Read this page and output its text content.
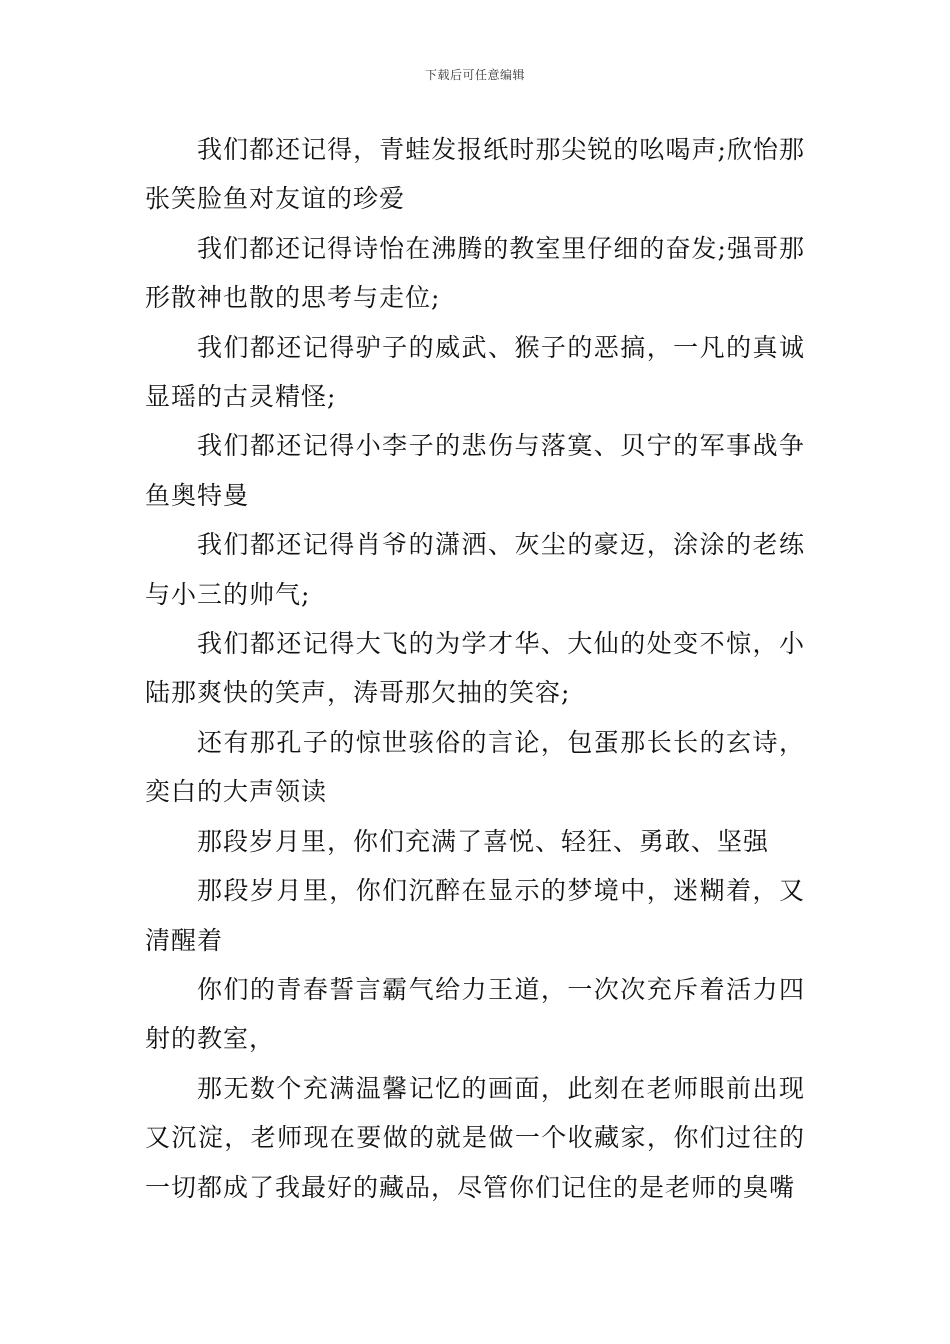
下载后可任意编辑

我们都还记得，青蛙发报纸时那尖锐的吆喝声;欣怡那张笑脸鱼对友谊的珍爱

我们都还记得诗怡在沸腾的教室里仔细的奋发;强哥那形散神也散的思考与走位;

我们都还记得驴子的威武、猴子的恶搞，一凡的真诚显瑶的古灵精怪;

我们都还记得小李子的悲伤与落寞、贝宁的军事战争鱼奥特曼

我们都还记得肖爷的潇洒、灰尘的豪迈，涂涂的老练与小三的帅气;

我们都还记得大飞的为学才华、大仙的处变不惊，小陆那爽快的笑声，涛哥那欠抽的笑容;

还有那孔子的惊世骇俗的言论，包蛋那长长的玄诗，奕白的大声领读

那段岁月里，你们充满了喜悦、轻狂、勇敢、坚强

那段岁月里，你们沉醉在显示的梦境中，迷糊着，又清醒着

你们的青春誓言霸气给力王道，一次次充斥着活力四射的教室，

那无数个充满温馨记忆的画面，此刻在老师眼前出现又沉淀，老师现在要做的就是做一个收藏家，你们过往的一切都成了我最好的藏品，尽管你们记住的是老师的臭嘴
